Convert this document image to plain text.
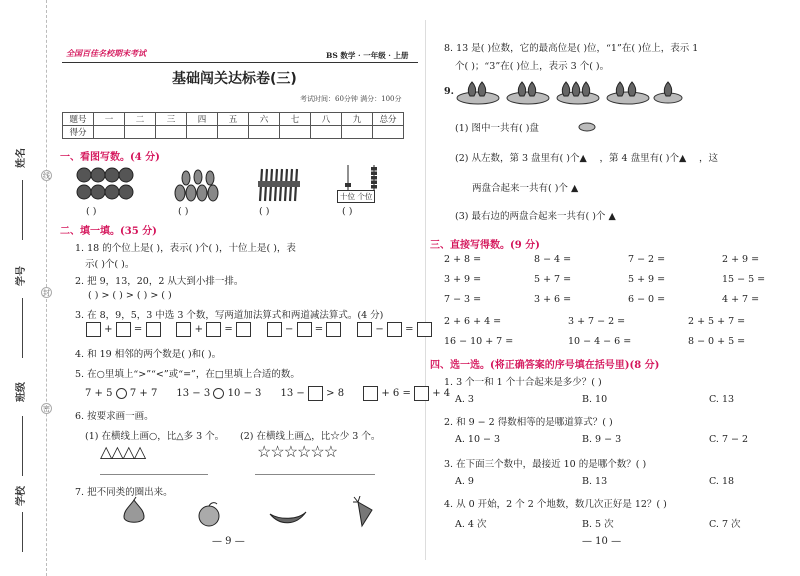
姓名
学号
班级
学校
线
封
密
全国百佳名校期末考试	BS 数学 · 一年级 · 上册
基础闯关达标卷(三)
考试时间：60分钟 满分：100分
题号	一	二	三	四	五	六	七	八	九	总分
得分										
一、看图写数。(4 分)
十位 个位
( )	( )	( )	( )
二、填一填。(35 分)
1. 18 的个位上是( )，表示( )个( )，十位上是( )，表
示( )个( )。
2. 把 9，13，20，2 从大到小排一排。
( ) > ( ) > ( ) > ( )
3. 在 8，9，5，3 中选 3 个数，写两道加法算式和两道减法算式。(4 分)
+  =	+  =	−  =	−  =
4. 和 19 相邻的两个数是( )和( )。
5. 在○里填上“>”“<”或“=”，在□里填上合适的数。
7 + 5 7 + 7 13 − 3 10 − 3 13 − > 8	+ 6 = + 4
6. 按要求画一画。
(1) 在横线上画○，比△多 3 个。 (2) 在横线上画△，比☆少 3 个。
△△△△	☆☆☆☆☆☆
7. 把不同类的圈出来。
— 9 —
8. 13 是( )位数，它的最高位是( )位，“1”在( )位上，表示 1
个( )；“3”在( )位上，表示 3 个( )。
9.
(1) 图中一共有( )盘
(2) 从左数，第 3 盘里有( )个▲ ，第 4 盘里有( )个▲ ，这
两盘合起来一共有( )个 ▲
(3) 最右边的两盘合起来一共有( )个 ▲
三、直接写得数。(9 分)
2 + 8 =	8 − 4 =	7 − 2 =	2 + 9 =
3 + 9 =	5 + 7 =	5 + 9 =	15 − 5 =
7 − 3 =	3 + 6 =	6 − 0 =	4 + 7 =
2 + 6 + 4 =	3 + 7 − 2 =	2 + 5 + 7 =
16 − 10 + 7 =	10 − 4 − 6 =	8 − 0 + 5 =
四、选一选。(将正确答案的序号填在括号里)(8 分)
1. 3 个一和 1 个十合起来是多少？( )
A. 3	B. 10	C. 13
2. 和 9 − 2 得数相等的是哪道算式？( )
A. 10 − 3	B. 9 − 3	C. 7 − 2
3. 在下面三个数中，最接近 10 的是哪个数？( )
A. 9	B. 13	C. 18
4. 从 0 开始，2 个 2 个地数，数几次正好是 12？( )
A. 4 次	B. 5 次	C. 7 次
— 10 —
